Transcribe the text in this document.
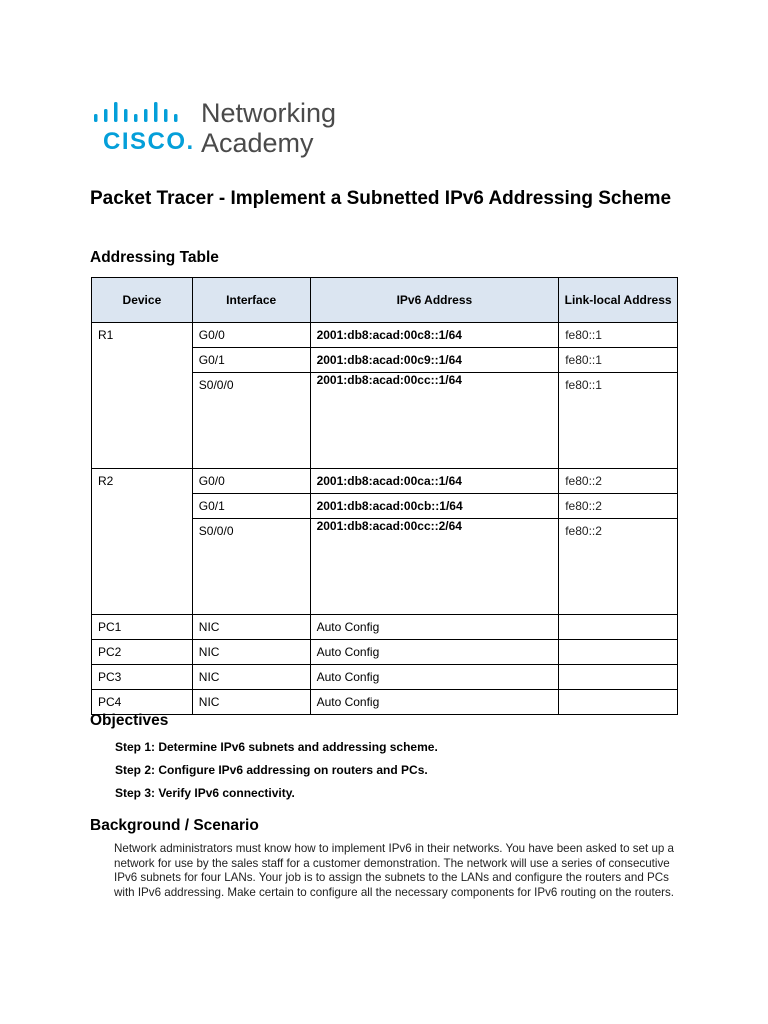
CISCO.
Networking
Academy
Packet Tracer - Implement a Subnetted IPv6 Addressing Scheme
Addressing Table
Device	Interface	IPv6 Address	Link-local Address
R1	G0/0	2001:db8:acad:00c8::1/64	fe80::1
	G0/1	2001:db8:acad:00c9::1/64	fe80::1
	S0/0/0	2001:db8:acad:00cc::1/64	fe80::1
R2	G0/0	2001:db8:acad:00ca::1/64	fe80::2
	G0/1	2001:db8:acad:00cb::1/64	fe80::2
	S0/0/0	2001:db8:acad:00cc::2/64	fe80::2
PC1	NIC	Auto Config	
PC2	NIC	Auto Config	
PC3	NIC	Auto Config	
PC4	NIC	Auto Config	
Objectives
Step 1: Determine IPv6 subnets and addressing scheme.
Step 2: Configure IPv6 addressing on routers and PCs.
Step 3: Verify IPv6 connectivity.
Background / Scenario
Network administrators must know how to implement IPv6 in their networks. You have been asked to set up a network for use by the sales staff for a customer demonstration. The network will use a series of consecutive IPv6 subnets for four LANs. Your job is to assign the subnets to the LANs and configure the routers and PCs with IPv6 addressing. Make certain to configure all the necessary components for IPv6 routing on the routers.
